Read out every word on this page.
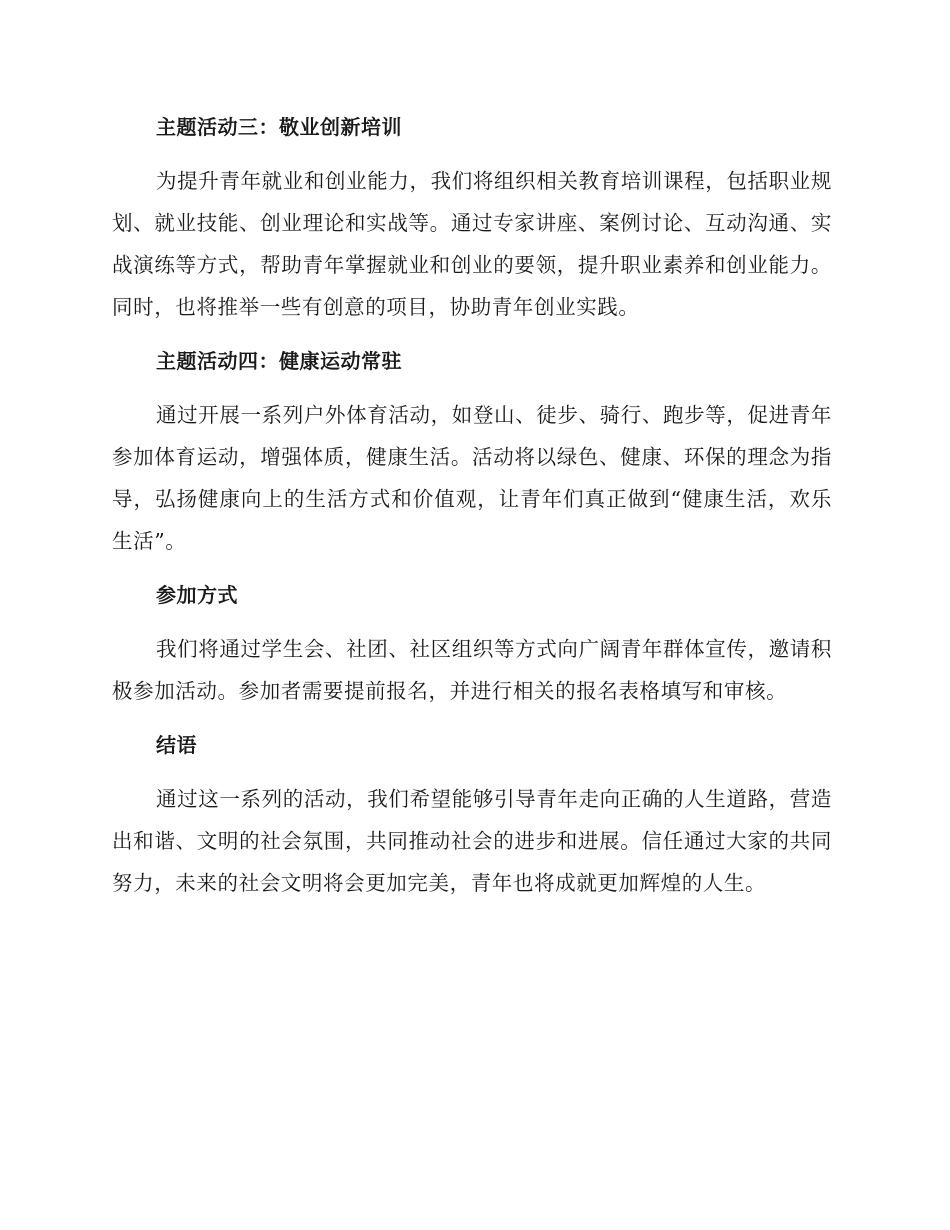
主题活动三：敬业创新培训

为提升青年就业和创业能力，我们将组织相关教育培训课程，包括职业规划、就业技能、创业理论和实战等。通过专家讲座、案例讨论、互动沟通、实战演练等方式，帮助青年掌握就业和创业的要领，提升职业素养和创业能力。同时，也将推举一些有创意的项目，协助青年创业实践。

主题活动四：健康运动常驻

通过开展一系列户外体育活动，如登山、徒步、骑行、跑步等，促进青年参加体育运动，增强体质，健康生活。活动将以绿色、健康、环保的理念为指导，弘扬健康向上的生活方式和价值观，让青年们真正做到“健康生活，欢乐生活”。

参加方式

我们将通过学生会、社团、社区组织等方式向广阔青年群体宣传，邀请积极参加活动。参加者需要提前报名，并进行相关的报名表格填写和审核。

结语

通过这一系列的活动，我们希望能够引导青年走向正确的人生道路，营造出和谐、文明的社会氛围，共同推动社会的进步和进展。信任通过大家的共同努力，未来的社会文明将会更加完美，青年也将成就更加辉煌的人生。
